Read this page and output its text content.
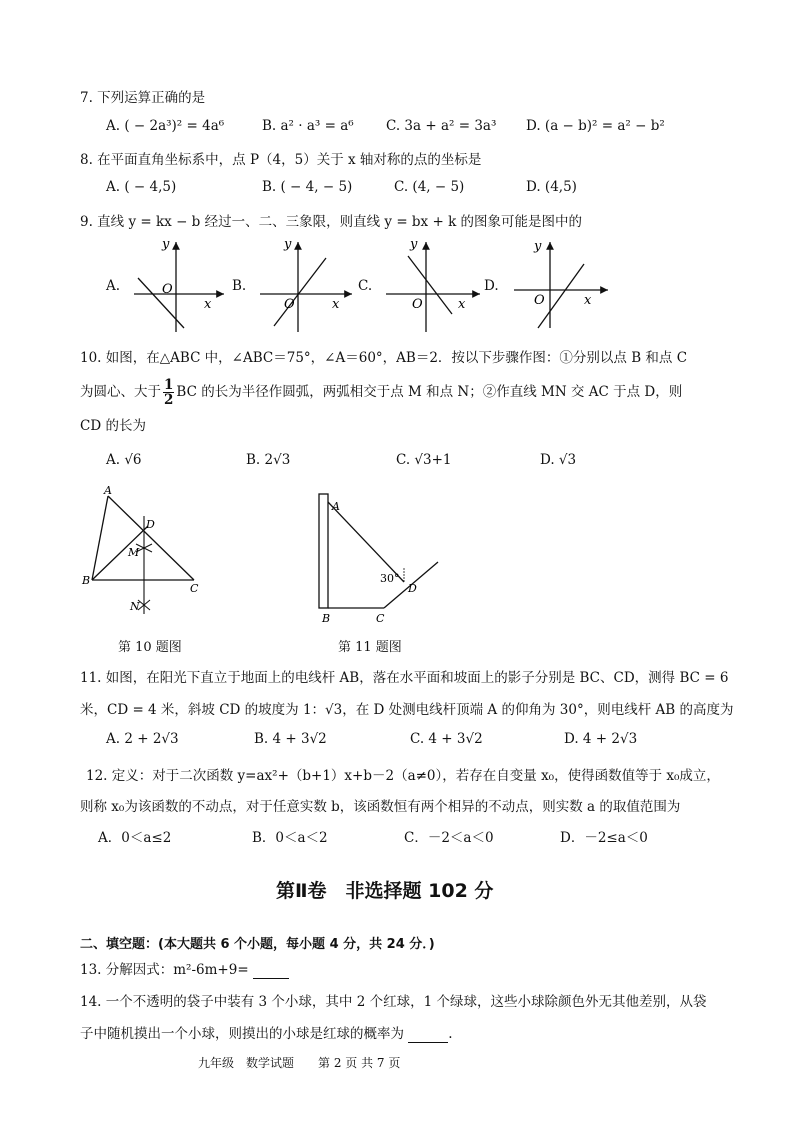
7. 下列运算正确的是
A. ( − 2a³)² = 4a⁶	B. a² · a³ = a⁶ C. 3a + a² = 3a³ D. (a − b)² = a² − b²
8. 在平面直角坐标系中，点 P（4，5）关于 x 轴对称的点的坐标是
A. ( − 4,5)	B. ( − 4, − 5)	C. (4, − 5)	D. (4,5)
9. 直线 y = kx − b 经过一、二、三象限，则直线 y = bx + k 的图象可能是图中的
A.	B.	C.	D.
y
O
x
y
O	x
y
O	x
y
O	x
10. 如图，在△ABC 中，∠ABC＝75°，∠A＝60°，AB＝2．按以下步骤作图：①分别以点 B 和点 C
为圆心、大于 $\frac{1}{2}$ BC 的长为半径作圆弧，两弧相交于点 M 和点 N；②作直线 MN 交 AC 于点 D，则
CD 的长为
A. √6	B. 2√3	C. √3+1	D. √3
A
D
M
B
C
N
A
30°
D
B	C
第 10 题图	第 11 题图
11. 如图，在阳光下直立于地面上的电线杆 AB，落在水平面和坡面上的影子分别是 BC、CD，测得 BC = 6
米，CD = 4 米，斜坡 CD 的坡度为 1：√3，在 D 处测电线杆顶端 A 的仰角为 30°，则电线杆 AB 的高度为
A. 2 + 2√3	B. 4 + 3√2	C. 4 + 3√2	D. 4 + 2√3
12. 定义：对于二次函数 y=ax²+（b+1）x+b－2（a≠0），若存在自变量 x₀，使得函数值等于 x₀成立，
则称 x₀为该函数的不动点，对于任意实数 b，该函数恒有两个相异的不动点，则实数 a 的取值范围为
A．0＜a≤2	B．0＜a＜2	C．－2＜a＜0	D．－2≤a＜0
第Ⅱ卷　非选择题 102 分
二、填空题：(本大题共 6 个小题，每小题 4 分，共 24 分．)
13. 分解因式：m²-6m+9=
14. 一个不透明的袋子中装有 3 个小球，其中 2 个红球，1 个绿球，这些小球除颜色外无其他差别，从袋
子中随机摸出一个小球，则摸出的小球是红球的概率为	.
九年级　数学试题　　第 2 页 共 7 页
